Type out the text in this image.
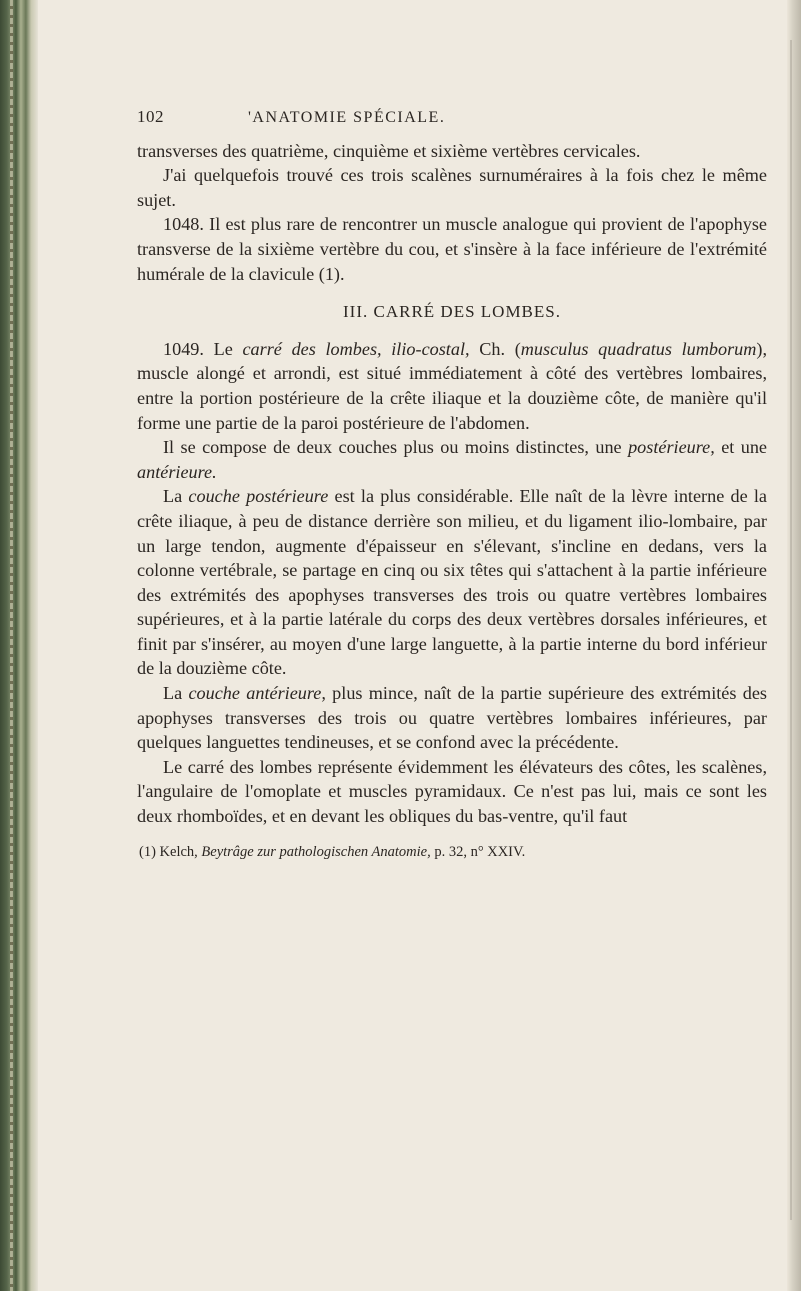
102	'ANATOMIE SPÉCIALE.

transverses des quatrième, cinquième et sixième vertèbres cervicales.

J'ai quelquefois trouvé ces trois scalènes surnuméraires à la fois chez le même sujet.

1048. Il est plus rare de rencontrer un muscle analogue qui provient de l'apophyse transverse de la sixième vertèbre du cou, et s'insère à la face inférieure de l'extrémité humérale de la clavicule (1).

III. CARRÉ DES LOMBES.

1049. Le carré des lombes, ilio-costal, Ch. (musculus quadratus lumborum), muscle alongé et arrondi, est situé immédiatement à côté des vertèbres lombaires, entre la portion postérieure de la crête iliaque et la douzième côte, de manière qu'il forme une partie de la paroi postérieure de l'abdomen.

Il se compose de deux couches plus ou moins distinctes, une postérieure, et une antérieure.

La couche postérieure est la plus considérable. Elle naît de la lèvre interne de la crête iliaque, à peu de distance derrière son milieu, et du ligament ilio-lombaire, par un large tendon, augmente d'épaisseur en s'élevant, s'incline en dedans, vers la colonne vertébrale, se partage en cinq ou six têtes qui s'attachent à la partie inférieure des extrémités des apophyses transverses des trois ou quatre vertèbres lombaires supérieures, et à la partie latérale du corps des deux vertèbres dorsales inférieures, et finit par s'insérer, au moyen d'une large languette, à la partie interne du bord inférieur de la douzième côte.

La couche antérieure, plus mince, naît de la partie supérieure des extrémités des apophyses transverses des trois ou quatre vertèbres lombaires inférieures, par quelques languettes tendineuses, et se confond avec la précédente.

Le carré des lombes représente évidemment les élévateurs des côtes, les scalènes, l'angulaire de l'omoplate et muscles pyramidaux. Ce n'est pas lui, mais ce sont les deux rhomboïdes, et en devant les obliques du bas-ventre, qu'il faut

(1) Kelch, Beytrâge zur pathologischen Anatomie, p. 32, n° XXIV.
